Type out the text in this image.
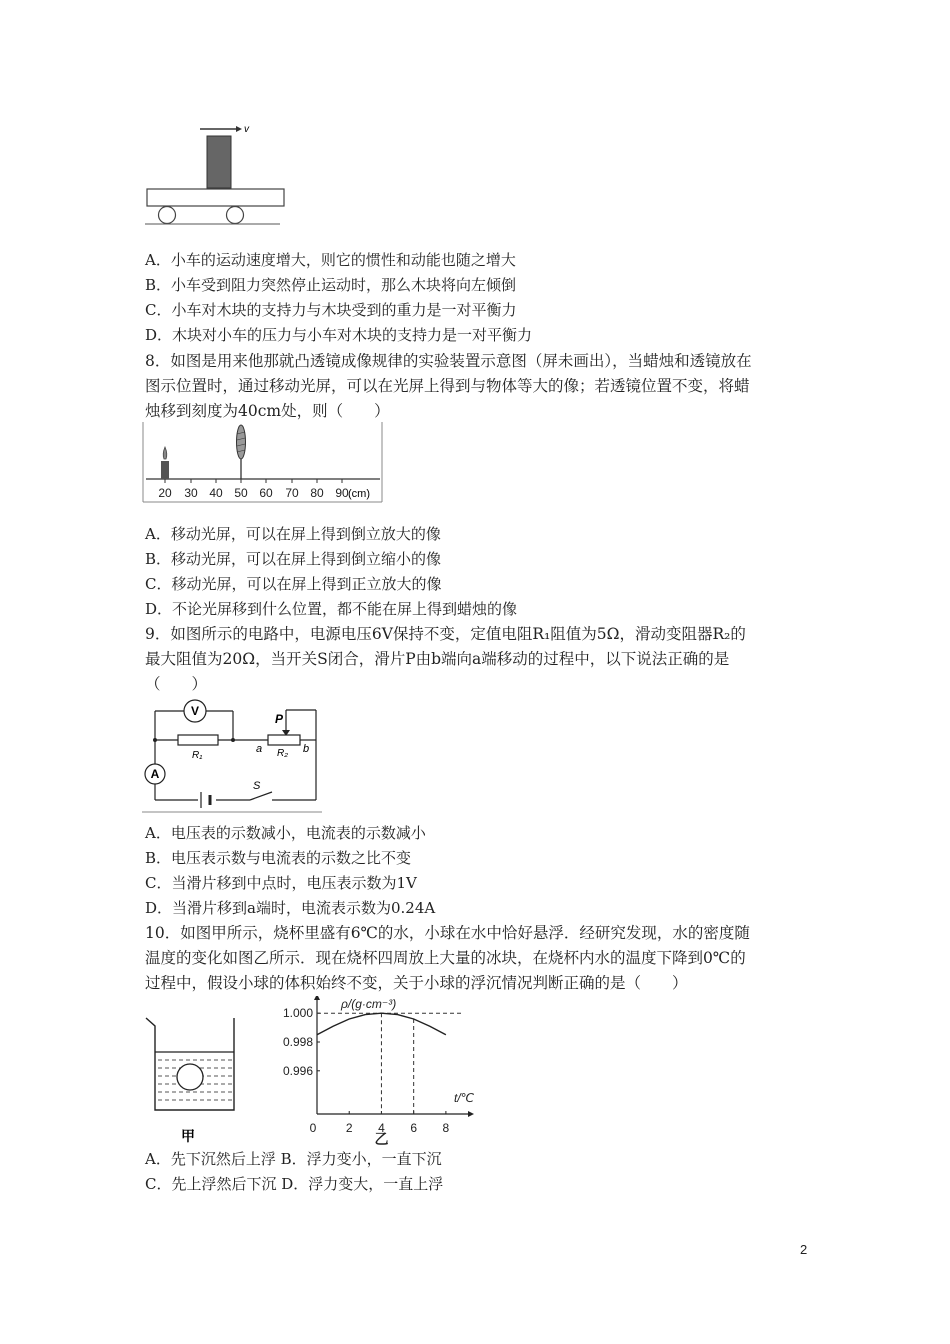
v
A．小车的运动速度增大，则它的惯性和动能也随之增大
B．小车受到阻力突然停止运动时，那么木块将向左倾倒
C．小车对木块的支持力与木块受到的重力是一对平衡力
D．木块对小车的压力与小车对木块的支持力是一对平衡力
8．如图是用来他那就凸透镜成像规律的实验装置示意图（屏未画出），当蜡烛和透镜放在
图示位置时，通过移动光屏，可以在光屏上得到与物体等大的像；若透镜位置不变，将蜡
烛移到刻度为40cm处，则（　　）
20 30 40 50 60 70 80 90 (cm)
A．移动光屏，可以在屏上得到倒立放大的像
B．移动光屏，可以在屏上得到倒立缩小的像
C．移动光屏，可以在屏上得到正立放大的像
D．不论光屏移到什么位置，都不能在屏上得到蜡烛的像
9．如图所示的电路中，电源电压6V保持不变，定值电阻R₁阻值为5Ω，滑动变阻器R₂的
最大阻值为20Ω，当开关S闭合，滑片P由b端向a端移动的过程中，以下说法正确的是
（　　）
V
A
R₁	R₂
P
a	b
S
A．电压表的示数减小，电流表的示数减小
B．电压表示数与电流表的示数之比不变
C．当滑片移到中点时，电压表示数为1V
D．当滑片移到a端时，电流表示数为0.24A
10．如图甲所示，烧杯里盛有6℃的水，小球在水中恰好悬浮．经研究发现，水的密度随
温度的变化如图乙所示．现在烧杯四周放上大量的冰块，在烧杯内水的温度下降到0℃的
过程中，假设小球的体积始终不变，关于小球的浮沉情况判断正确的是（　　）
甲	0 2 4 6 8
1.000
0.998
0.996
ρ/(g·cm⁻³)
t/℃
乙
A．先下沉然后上浮 B．浮力变小，一直下沉
C．先上浮然后下沉 D．浮力变大，一直上浮
2
